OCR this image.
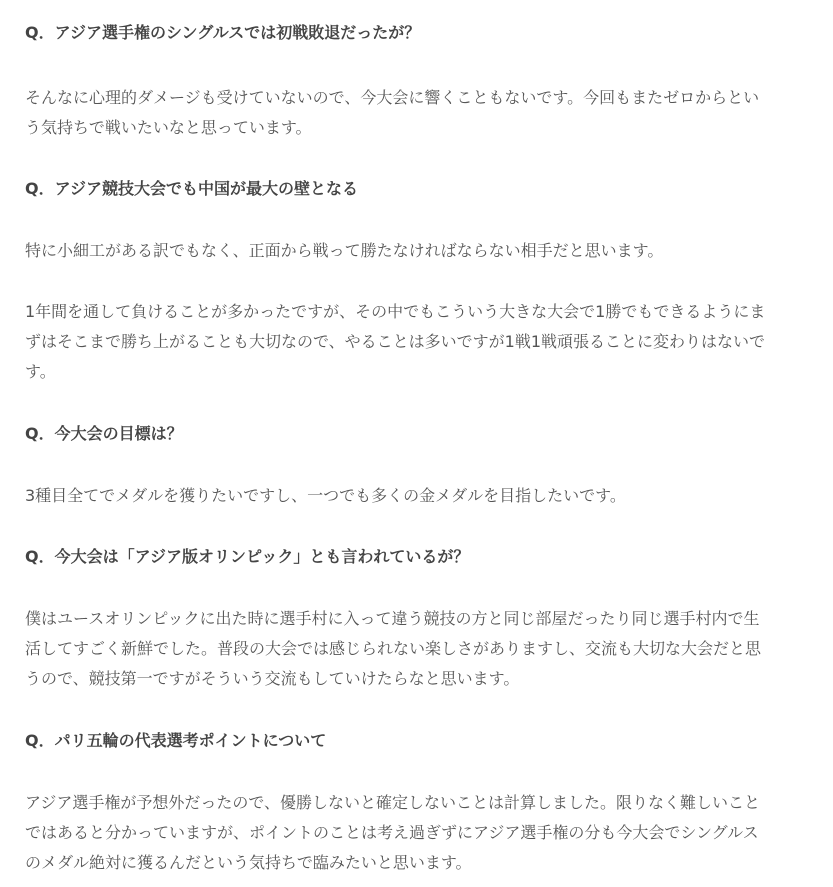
Q．アジア選手権のシングルスでは初戦敗退だったが？

そんなに心理的ダメージも受けていないので、今大会に響くこともないです。今回もまたゼロからとい
う気持ちで戦いたいなと思っています。

Q．アジア競技大会でも中国が最大の壁となる

特に小細工がある訳でもなく、正面から戦って勝たなければならない相手だと思います。

1年間を通して負けることが多かったですが、その中でもこういう大きな大会で1勝でもできるようにま
ずはそこまで勝ち上がることも大切なので、やることは多いですが1戦1戦頑張ることに変わりはないで
す。

Q．今大会の目標は？

3種目全てでメダルを獲りたいですし、一つでも多くの金メダルを目指したいです。

Q．今大会は「アジア版オリンピック」とも言われているが？

僕はユースオリンピックに出た時に選手村に入って違う競技の方と同じ部屋だったり同じ選手村内で生
活してすごく新鮮でした。普段の大会では感じられない楽しさがありますし、交流も大切な大会だと思
うので、競技第一ですがそういう交流もしていけたらなと思います。

Q．パリ五輪の代表選考ポイントについて

アジア選手権が予想外だったので、優勝しないと確定しないことは計算しました。限りなく難しいこと
ではあると分かっていますが、ポイントのことは考え過ぎずにアジア選手権の分も今大会でシングルス
のメダル絶対に獲るんだという気持ちで臨みたいと思います。
